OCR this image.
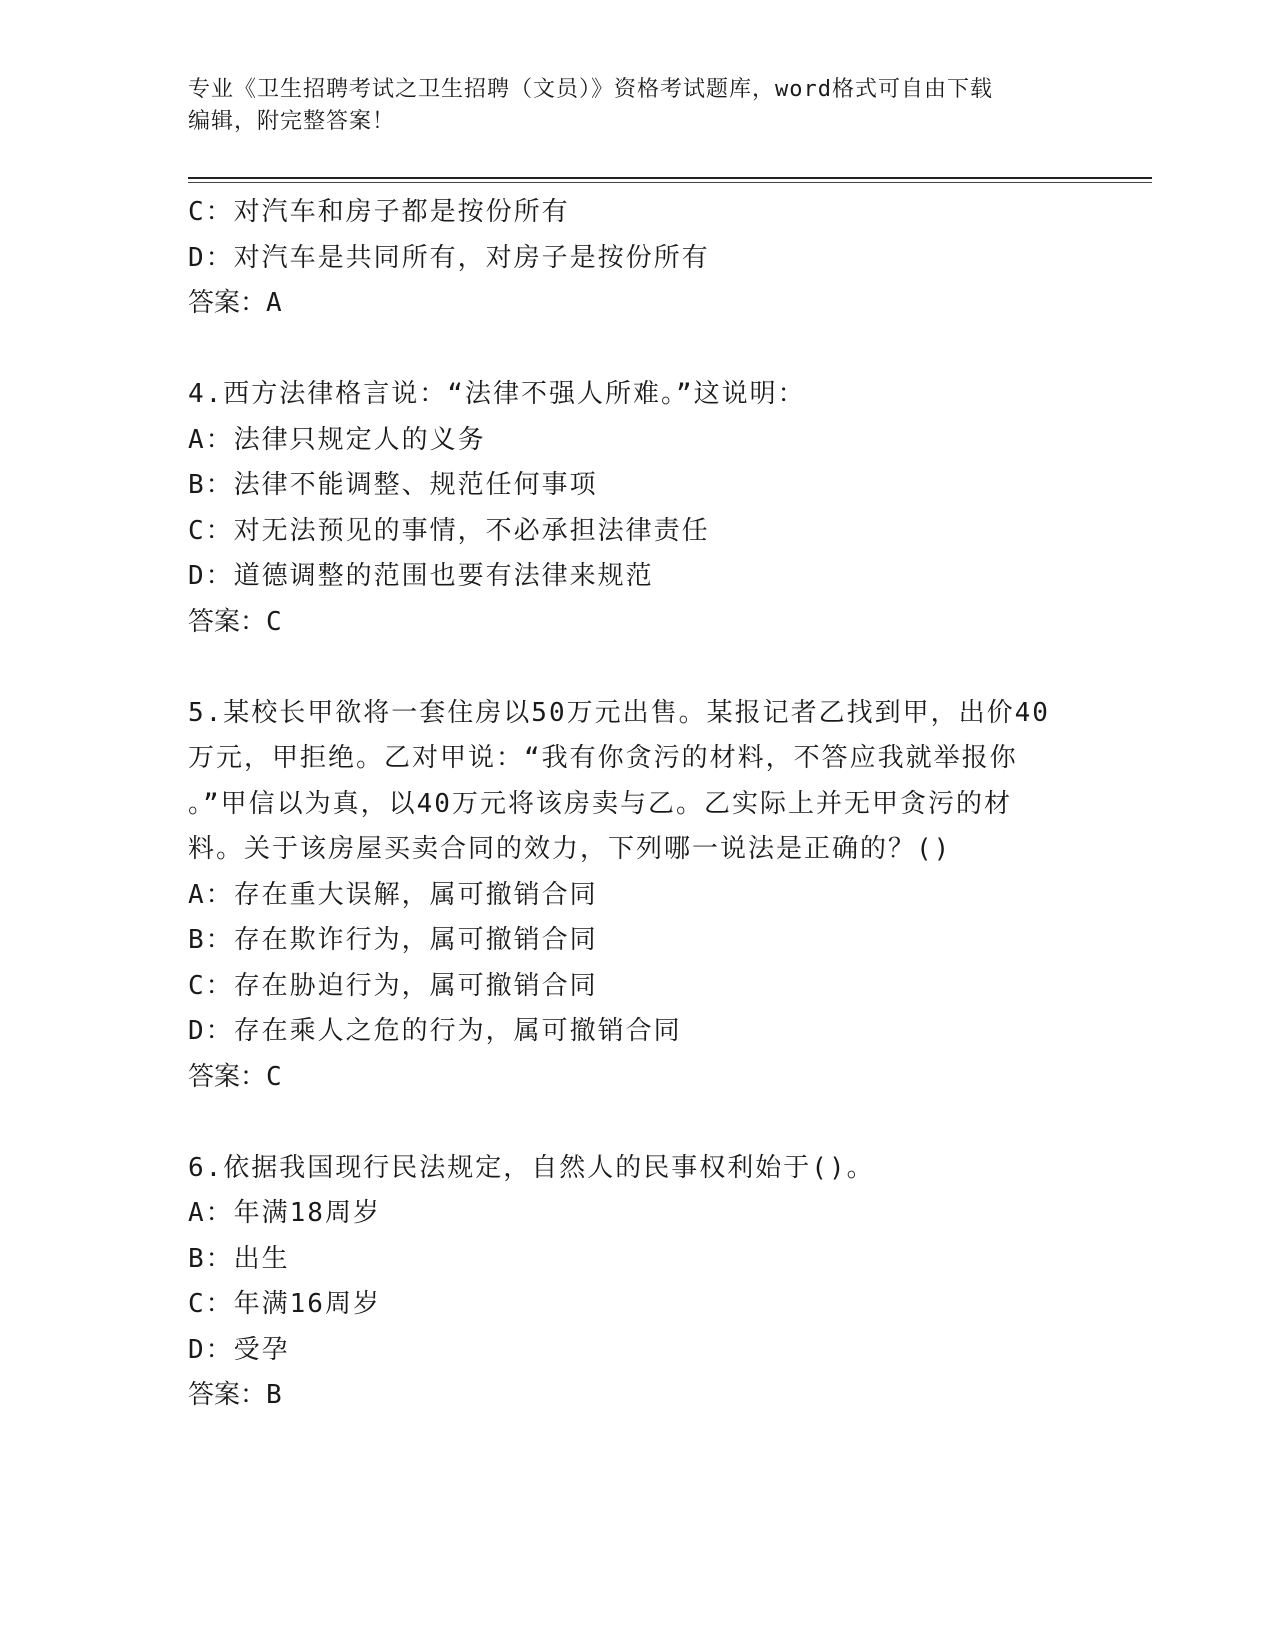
专业《卫生招聘考试之卫生招聘（文员）》资格考试题库，word格式可自由下载
编辑，附完整答案！
C：对汽车和房子都是按份所有
D：对汽车是共同所有，对房子是按份所有
答案：A
4.西方法律格言说：“法律不强人所难。”这说明：
A：法律只规定人的义务
B：法律不能调整、规范任何事项
C：对无法预见的事情，不必承担法律责任
D：道德调整的范围也要有法律来规范
答案：C
5.某校长甲欲将一套住房以50万元出售。某报记者乙找到甲，出价40
万元，甲拒绝。乙对甲说：“我有你贪污的材料，不答应我就举报你
。”甲信以为真，以40万元将该房卖与乙。乙实际上并无甲贪污的材
料。关于该房屋买卖合同的效力，下列哪一说法是正确的？()
A：存在重大误解，属可撤销合同
B：存在欺诈行为，属可撤销合同
C：存在胁迫行为，属可撤销合同
D：存在乘人之危的行为，属可撤销合同
答案：C
6.依据我国现行民法规定，自然人的民事权利始于()。
A：年满18周岁
B：出生
C：年满16周岁
D：受孕
答案：B
